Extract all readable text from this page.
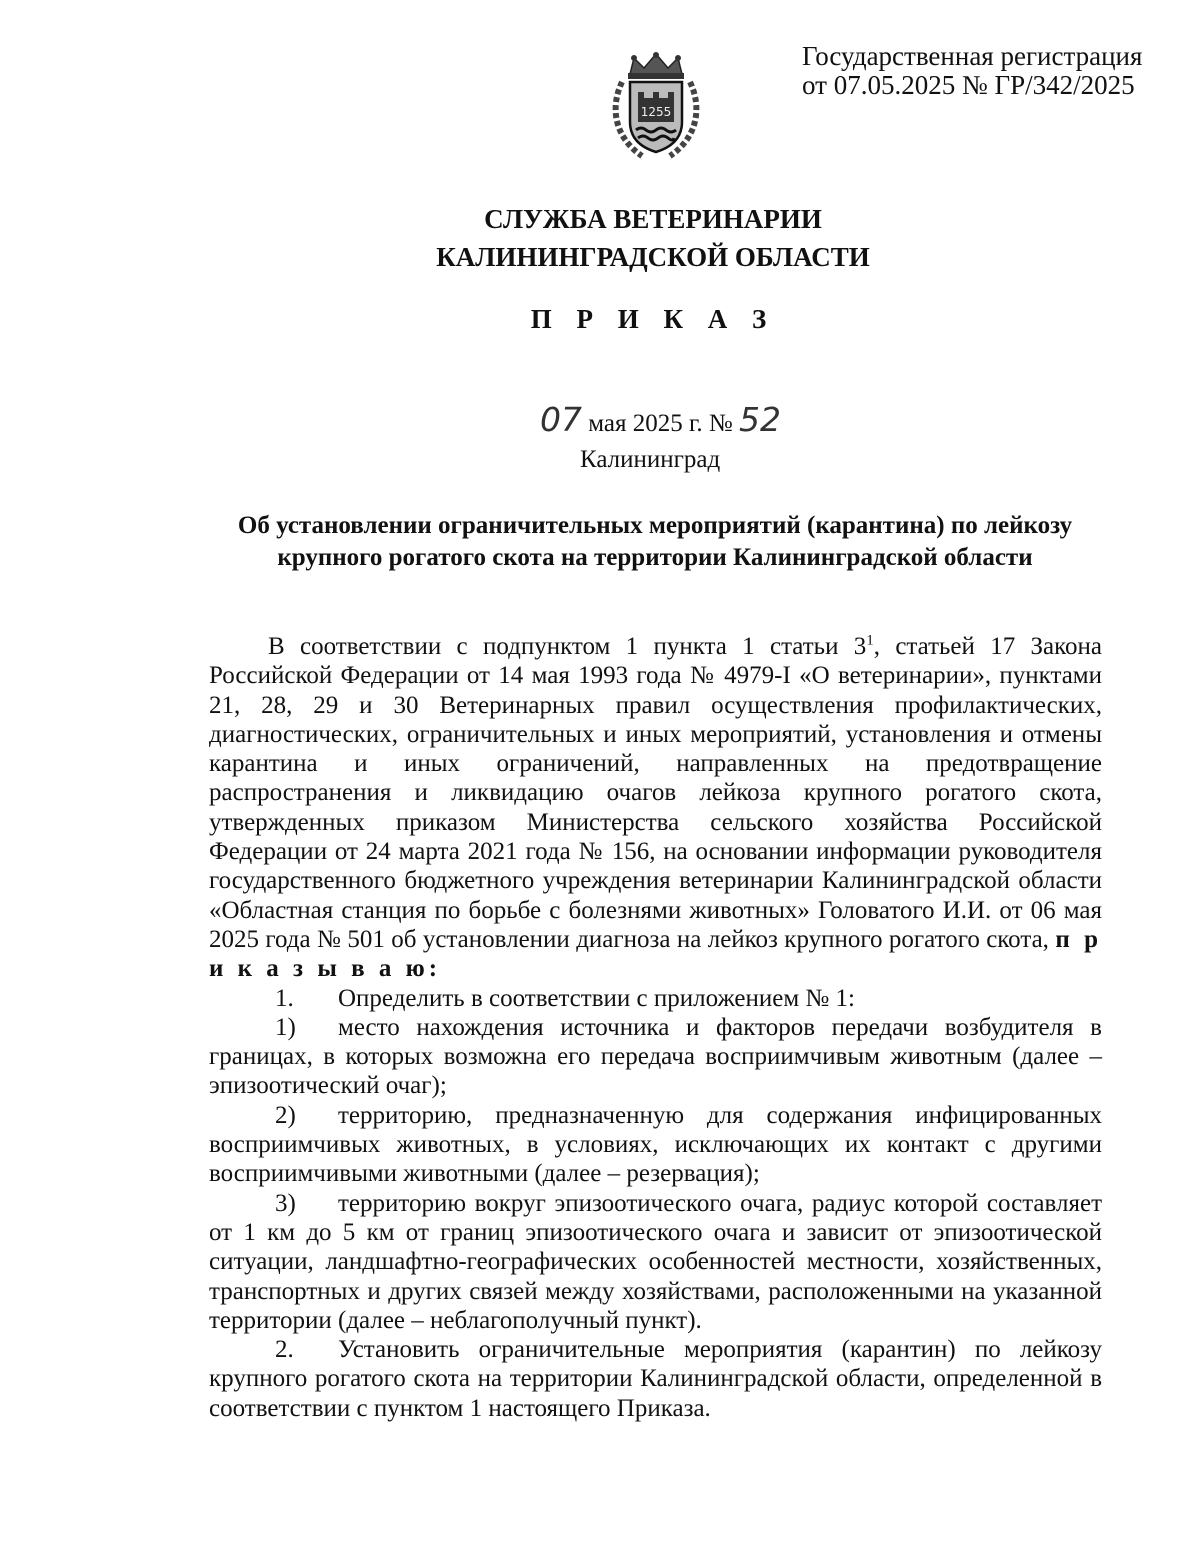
Государственная регистрация
от 07.05.2025 № ГР/342/2025
1255
СЛУЖБА ВЕТЕРИНАРИИ
КАЛИНИНГРАДСКОЙ ОБЛАСТИ
П Р И К А З
07 мая 2025 г. № 52
Калининград
Об установлении ограничительных мероприятий (карантина) по лейкозу крупного рогатого скота на территории Калининградской области

В соответствии с подпунктом 1 пункта 1 статьи $3^1$, статьей 17 Закона Российской Федерации от 14 мая 1993 года № 4979-I «О ветеринарии», пунктами 21, 28, 29 и 30 Ветеринарных правил осуществления профилактических, диагностических, ограничительных и иных мероприятий, установления и отмены карантина и иных ограничений, направленных на предотвращение распространения и ликвидацию очагов лейкоза крупного рогатого скота, утвержденных приказом Министерства сельского хозяйства Российской Федерации от 24 марта 2021 года № 156, на основании информации руководителя государственного бюджетного учреждения ветеринарии Калининградской области «Областная станция по борьбе с болезнями животных» Головатого И.И. от 06 мая 2025 года № 501 об установлении диагноза на лейкоз крупного рогатого скота, п р и к а з ы в а ю:

1. Определить в соответствии с приложением № 1:

1) место нахождения источника и факторов передачи возбудителя в границах, в которых возможна его передача восприимчивым животным (далее – эпизоотический очаг);

2) территорию, предназначенную для содержания инфицированных восприимчивых животных, в условиях, исключающих их контакт с другими восприимчивыми животными (далее – резервация);

3) территорию вокруг эпизоотического очага, радиус которой составляет от 1 км до 5 км от границ эпизоотического очага и зависит от эпизоотической ситуации, ландшафтно-географических особенностей местности, хозяйственных, транспортных и других связей между хозяйствами, расположенными на указанной территории (далее – неблагополучный пункт).

2. Установить ограничительные мероприятия (карантин) по лейкозу крупного рогатого скота на территории Калининградской области, определенной в соответствии с пунктом 1 настоящего Приказа.
